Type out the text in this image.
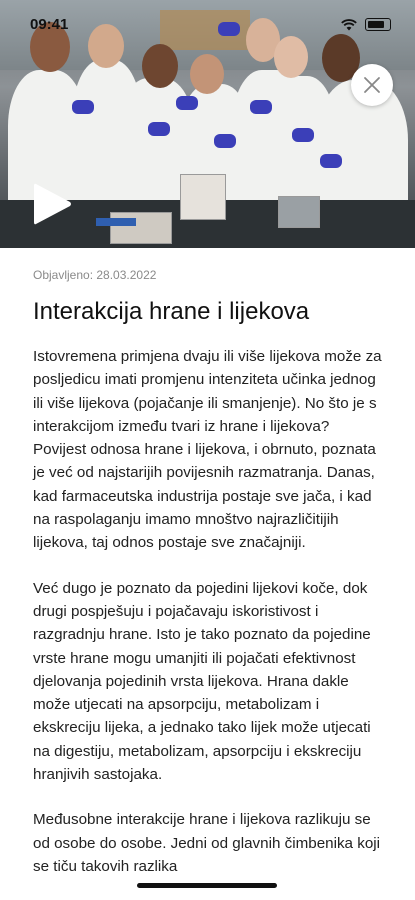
09:41
Objavljeno: 28.03.2022
Interakcija hrane i lijekova

Istovremena primjena dvaju ili više lijekova može za posljedicu imati promjenu intenziteta učinka jednog ili više lijekova (pojačanje ili smanjenje). No što je s interakcijom između tvari iz hrane i lijekova? Povijest odnosa hrane i lijekova, i obrnuto, poznata je već od najstarijih povijesnih razmatranja. Danas, kad farmaceutska industrija postaje sve jača, i kad na raspolaganju imamo mnoštvo najrazličitijih lijekova, taj odnos postaje sve značajniji.

Već dugo je poznato da pojedini lijekovi koče, dok drugi pospješuju i pojačavaju iskoristivost i razgradnju hrane. Isto je tako poznato da pojedine vrste hrane mogu umanjiti ili pojačati efektivnost djelovanja pojedinih vrsta lijekova. Hrana dakle može utjecati na apsorpciju, metabolizam i ekskreciju lijeka, a jednako tako lijek može utjecati na digestiju, metabolizam, apsorpciju i ekskreciju hranjivih sastojaka.

Međusobne interakcije hrane i lijekova razlikuju se od osobe do osobe. Jedni od glavnih čimbenika koji se tiču takovih razlika
